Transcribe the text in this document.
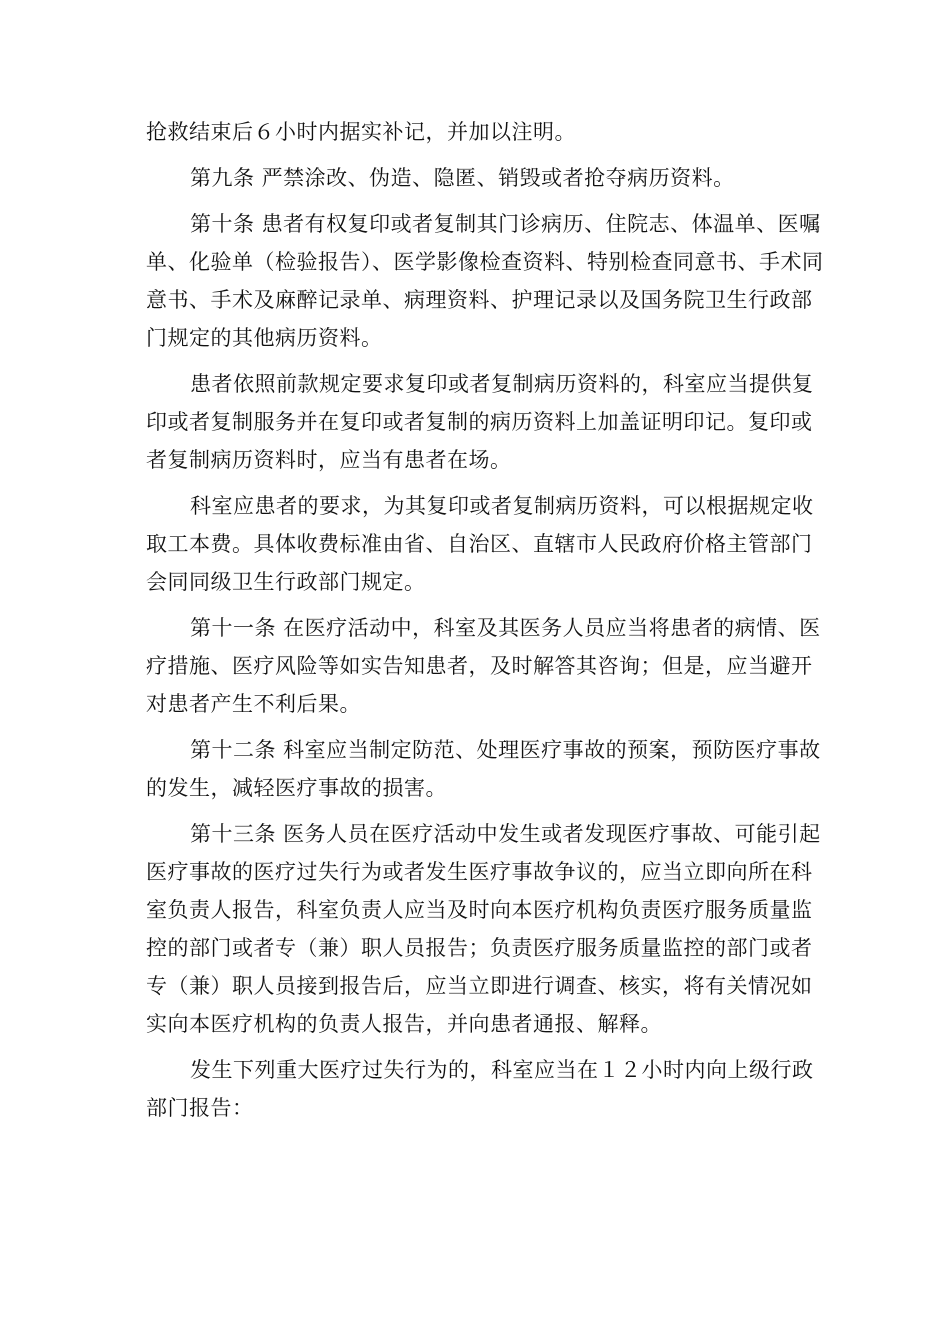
抢救结束后６小时内据实补记，并加以注明。

第九条 严禁涂改、伪造、隐匿、销毁或者抢夺病历资料。

第十条 患者有权复印或者复制其门诊病历、住院志、体温单、医嘱单、化验单（检验报告）、医学影像检查资料、特别检查同意书、手术同意书、手术及麻醉记录单、病理资料、护理记录以及国务院卫生行政部门规定的其他病历资料。

患者依照前款规定要求复印或者复制病历资料的，科室应当提供复印或者复制服务并在复印或者复制的病历资料上加盖证明印记。复印或者复制病历资料时，应当有患者在场。

科室应患者的要求，为其复印或者复制病历资料，可以根据规定收取工本费。具体收费标准由省、自治区、直辖市人民政府价格主管部门会同同级卫生行政部门规定。

第十一条 在医疗活动中，科室及其医务人员应当将患者的病情、医疗措施、医疗风险等如实告知患者，及时解答其咨询；但是，应当避开对患者产生不利后果。

第十二条 科室应当制定防范、处理医疗事故的预案，预防医疗事故的发生，减轻医疗事故的损害。

第十三条 医务人员在医疗活动中发生或者发现医疗事故、可能引起医疗事故的医疗过失行为或者发生医疗事故争议的，应当立即向所在科室负责人报告，科室负责人应当及时向本医疗机构负责医疗服务质量监控的部门或者专（兼）职人员报告；负责医疗服务质量监控的部门或者专（兼）职人员接到报告后，应当立即进行调查、核实，将有关情况如实向本医疗机构的负责人报告，并向患者通报、解释。

发生下列重大医疗过失行为的，科室应当在１２小时内向上级行政部门报告：
